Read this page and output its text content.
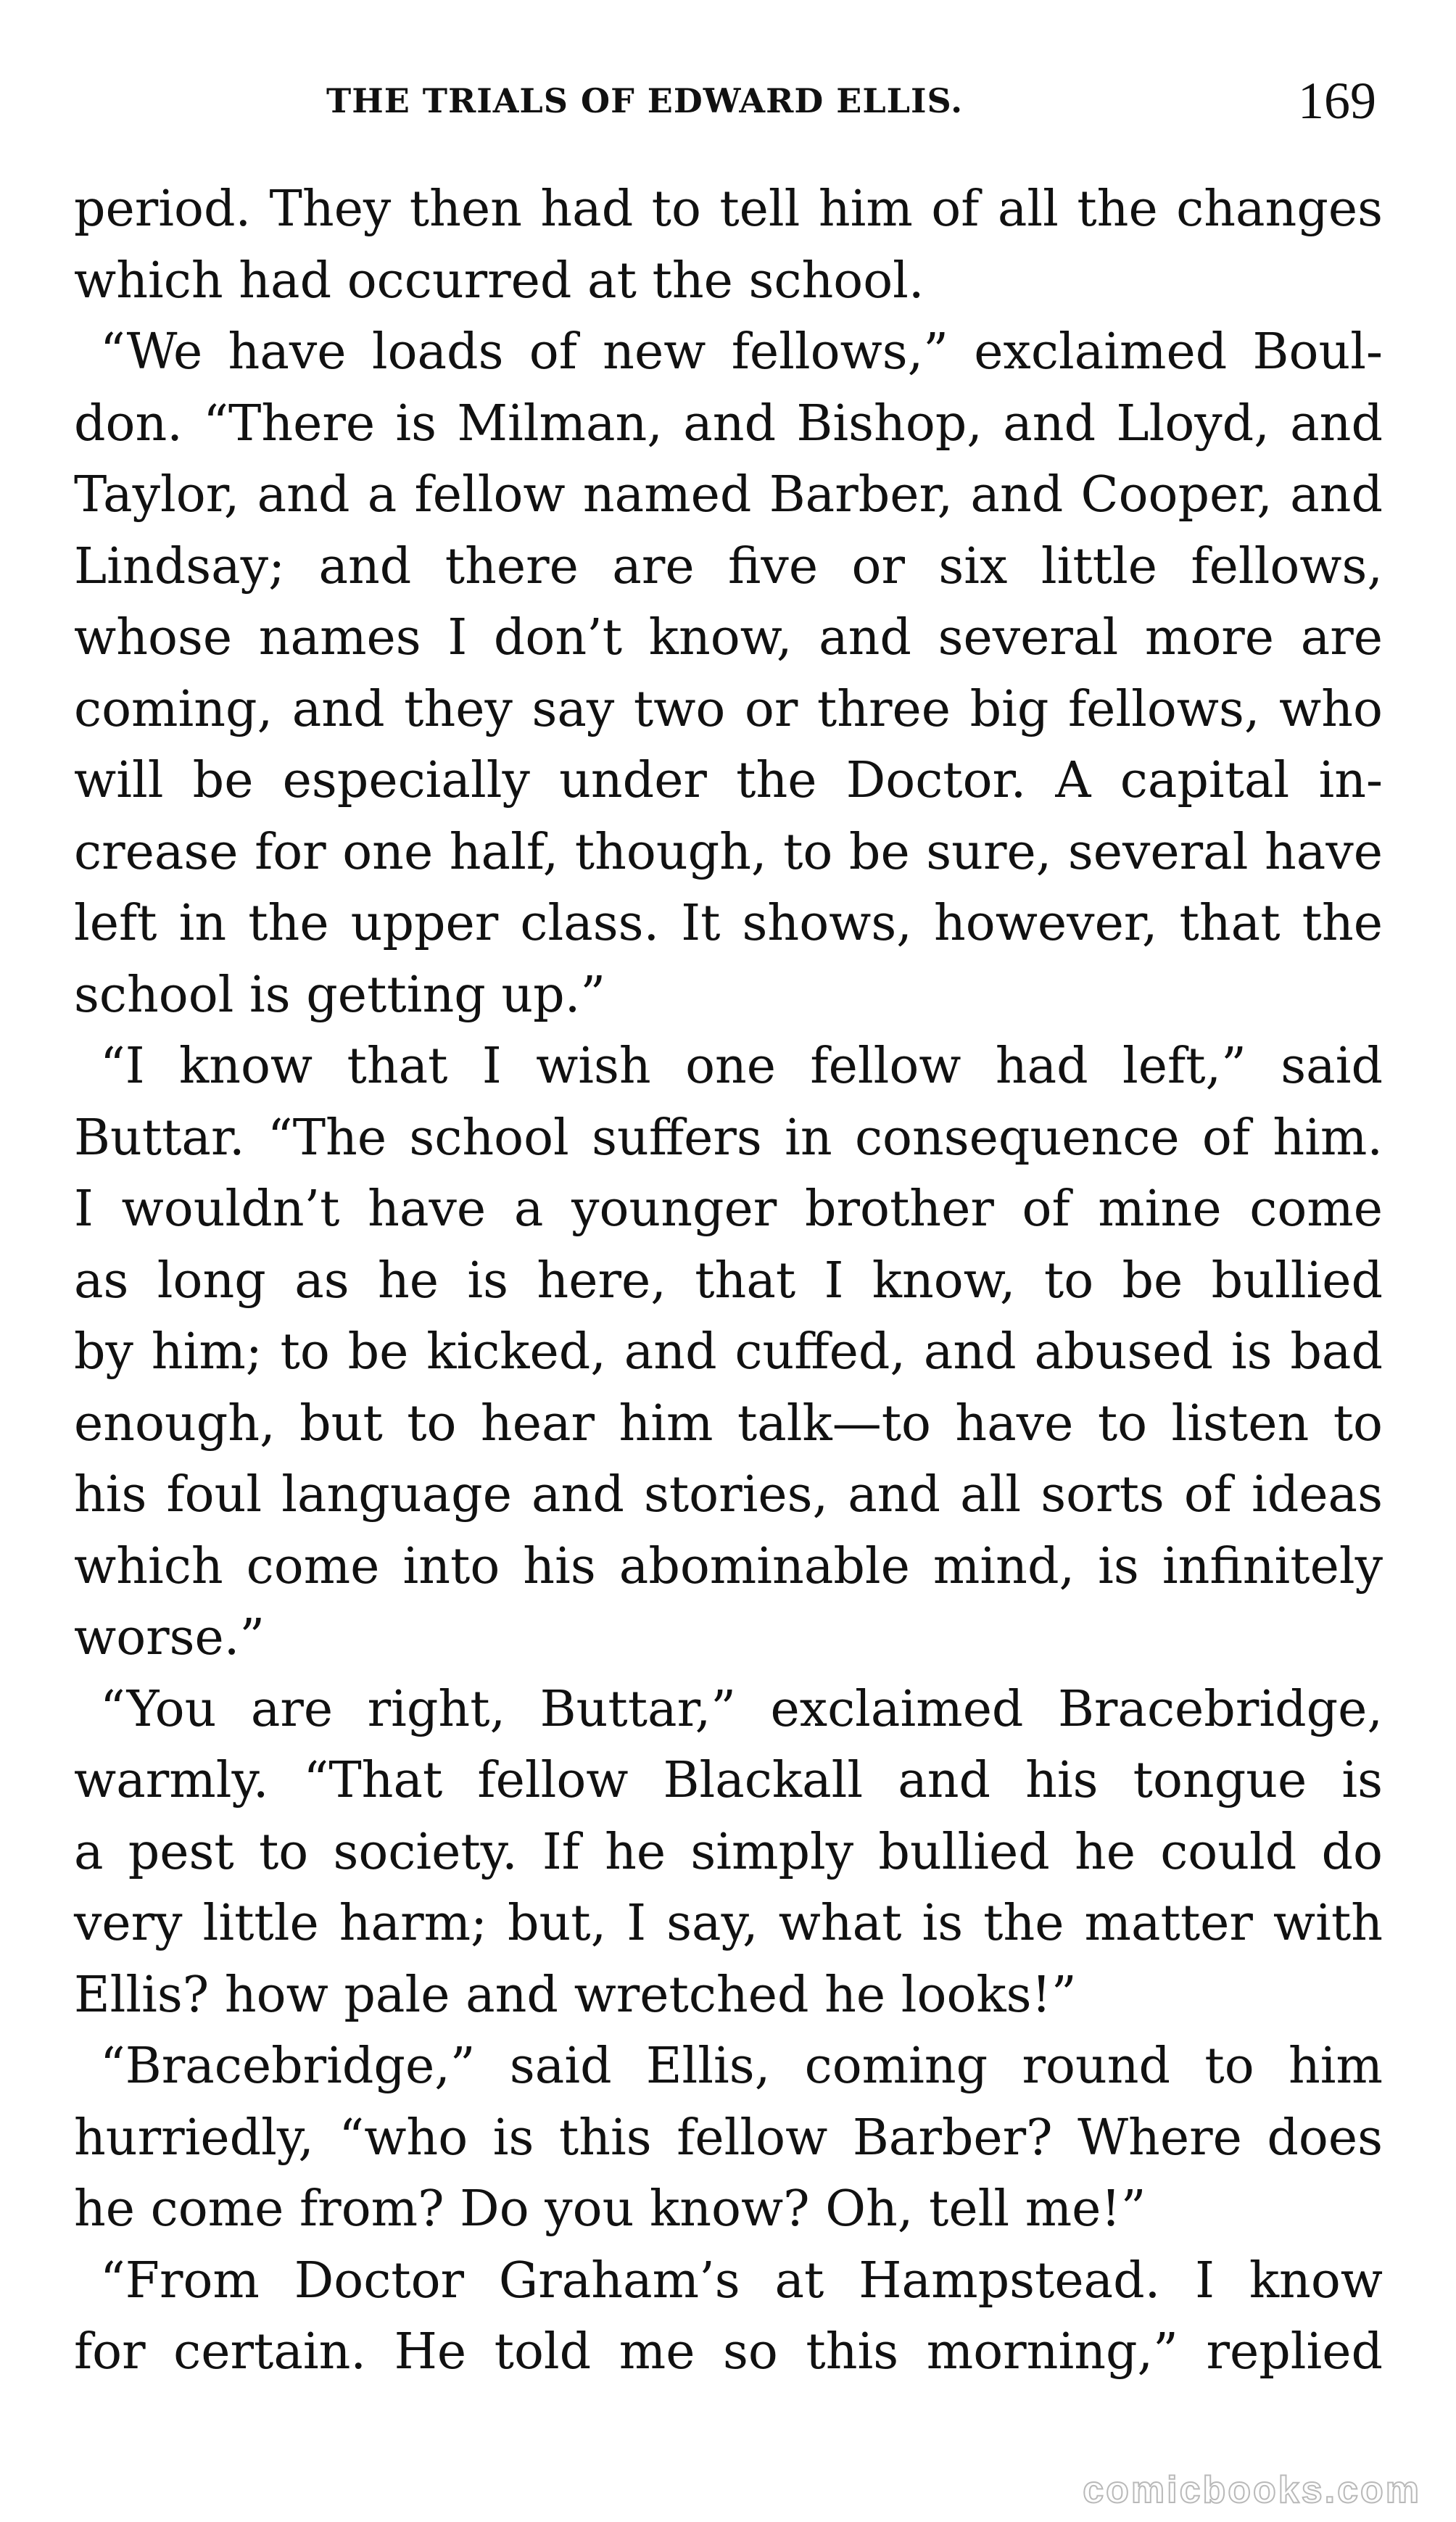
THE TRIALS OF EDWARD ELLIS.	169
period. They then had to tell him of all the changes
which had occurred at the school.
“We have loads of new fellows,” exclaimed Boul-
don. “There is Milman, and Bishop, and Lloyd, and
Taylor, and a fellow named Barber, and Cooper, and
Lindsay; and there are five or six little fellows,
whose names I don’t know, and several more are
coming, and they say two or three big fellows, who
will be especially under the Doctor. A capital in-
crease for one half, though, to be sure, several have
left in the upper class. It shows, however, that the
school is getting up.”
“I know that I wish one fellow had left,” said
Buttar. “The school suffers in consequence of him.
I wouldn’t have a younger brother of mine come
as long as he is here, that I know, to be bullied
by him; to be kicked, and cuffed, and abused is bad
enough, but to hear him talk—to have to listen to
his foul language and stories, and all sorts of ideas
which come into his abominable mind, is infinitely
worse.”
“You are right, Buttar,” exclaimed Bracebridge,
warmly. “That fellow Blackall and his tongue is
a pest to society. If he simply bullied he could do
very little harm; but, I say, what is the matter with
Ellis? how pale and wretched he looks!”
“Bracebridge,” said Ellis, coming round to him
hurriedly, “who is this fellow Barber? Where does
he come from? Do you know? Oh, tell me!”
“From Doctor Graham’s at Hampstead. I know
for certain. He told me so this morning,” replied
comicbooks.com
